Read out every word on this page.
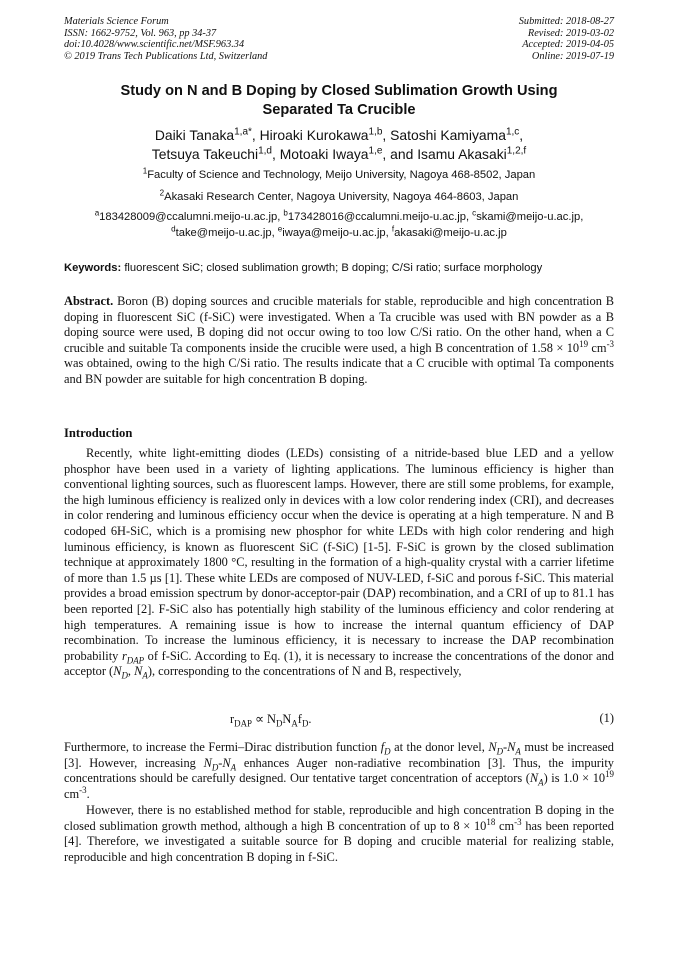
Materials Science Forum
ISSN: 1662-9752, Vol. 963, pp 34-37
doi:10.4028/www.scientific.net/MSF.963.34
© 2019 Trans Tech Publications Ltd, Switzerland
Submitted: 2018-08-27
Revised: 2019-03-02
Accepted: 2019-04-05
Online: 2019-07-19
Study on N and B Doping by Closed Sublimation Growth Using
Separated Ta Crucible
Daiki Tanaka$^{1,a*}$, Hiroaki Kurokawa$^{1,b}$, Satoshi Kamiyama$^{1,c}$,
Tetsuya Takeuchi$^{1,d}$, Motoaki Iwaya$^{1,e}$, and Isamu Akasaki$^{1,2,f}$
$^1$Faculty of Science and Technology, Meijo University, Nagoya 468-8502, Japan
$^2$Akasaki Research Center, Nagoya University, Nagoya 464-8603, Japan
$^a$183428009@ccalumni.meijo-u.ac.jp, $^b$173428016@ccalumni.meijo-u.ac.jp, $^c$skami@meijo-u.ac.jp,
$^d$take@meijo-u.ac.jp, $^e$iwaya@meijo-u.ac.jp, $^f$akasaki@meijo-u.ac.jp
Keywords: fluorescent SiC; closed sublimation growth; B doping; C/Si ratio; surface morphology
Abstract. Boron (B) doping sources and crucible materials for stable, reproducible and high concentration B doping in fluorescent SiC (f-SiC) were investigated. When a Ta crucible was used with BN powder as a B doping source were used, B doping did not occur owing to too low C/Si ratio. On the other hand, when a C crucible and suitable Ta components inside the crucible were used, a high B concentration of $1.58 \times 10^{19}$ $cm^{-3}$ was obtained, owing to the high C/Si ratio. The results indicate that a C crucible with optimal Ta components and BN powder are suitable for high concentration B doping.
Introduction
Recently, white light-emitting diodes (LEDs) consisting of a nitride-based blue LED and a yellow phosphor have been used in a variety of lighting applications. The luminous efficiency is higher than conventional lighting sources, such as fluorescent lamps. However, there are still some problems, for example, the high luminous efficiency is realized only in devices with a low color rendering index (CRI), and decreases in color rendering and luminous efficiency occur when the device is operating at a high temperature. N and B codoped 6H-SiC, which is a promising new phosphor for white LEDs with high color rendering and high luminous efficiency, is known as fluorescent SiC (f-SiC) [1-5]. F-SiC is grown by the closed sublimation technique at approximately 1800 °C, resulting in the formation of a high-quality crystal with a carrier lifetime of more than 1.5 µs [1]. These white LEDs are composed of NUV-LED, f-SiC and porous f-SiC. This material provides a broad emission spectrum by donor-acceptor-pair (DAP) recombination, and a CRI of up to 81.1 has been reported [2]. F-SiC also has potentially high stability of the luminous efficiency and color rendering at high temperatures. A remaining issue is how to increase the internal quantum efficiency of DAP recombination. To increase the luminous efficiency, it is necessary to increase the DAP recombination probability $r_{DAP}$ of f-SiC. According to Eq. (1), it is necessary to increase the concentrations of the donor and acceptor ($N_D$, $N_A$), corresponding to the concentrations of N and B, respectively,
$r_{DAP} \propto N_DN_Af_D$.	(1)
Furthermore, to increase the Fermi–Dirac distribution function $f_D$ at the donor level, $N_D-N_A$ must be increased [3]. However, increasing $N_D-N_A$ enhances Auger non-radiative recombination [3]. Thus, the impurity concentrations should be carefully designed. Our tentative target concentration of acceptors $(N_A)$ is $1.0 \times 10^{19}$ $cm^{-3}$.
However, there is no established method for stable, reproducible and high concentration B doping in the closed sublimation growth method, although a high B concentration of up to $8 \times 10^{18}$ $cm^{-3}$ has been reported [4]. Therefore, we investigated a suitable source for B doping and crucible material for realizing stable, reproducible and high concentration B doping in f-SiC.
